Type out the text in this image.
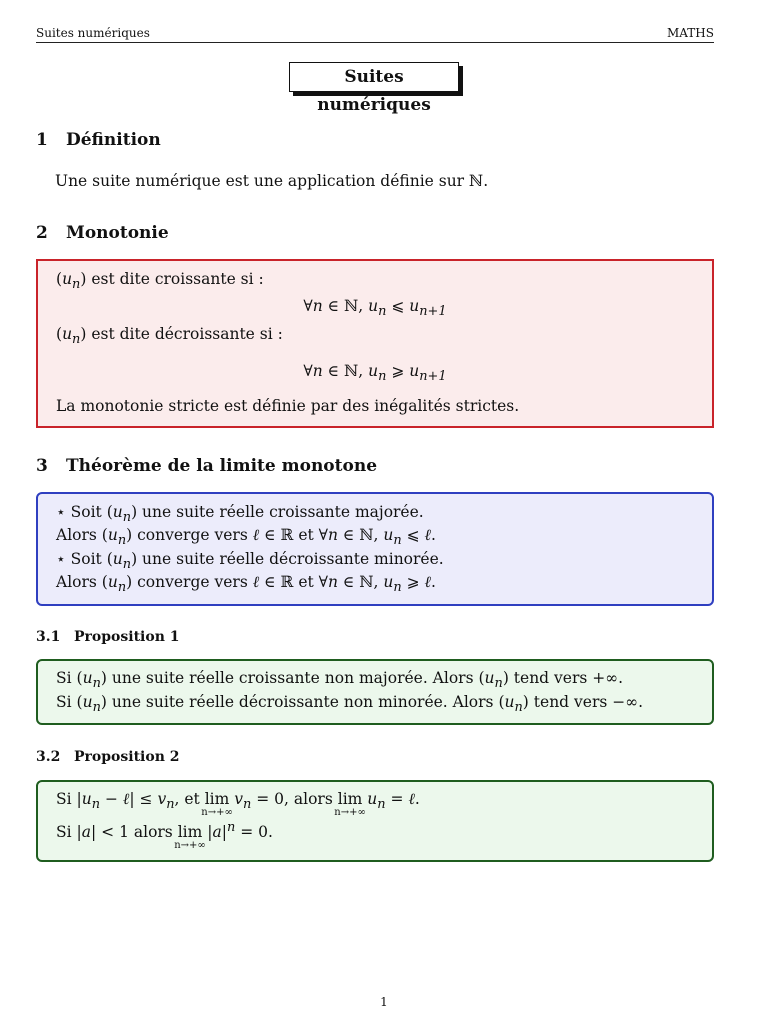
Suites numériques	MATHS
Suites numériques
1 Définition
Une suite numérique est une application définie sur ℕ.
2 Monotonie
$(u_n)$ est dite croissante si :
∀n ∈ ℕ, $u_n$ ⩽ $u_{n+1}$
$(u_n)$ est dite décroissante si :
∀n ∈ ℕ, $u_n$ ⩾ $u_{n+1}$
La monotonie stricte est définie par des inégalités strictes.
3 Théorème de la limite monotone
⋆ Soit $(u_n)$ une suite réelle croissante majorée.
Alors $(u_n)$ converge vers ℓ ∈ ℝ et ∀n ∈ ℕ, $u_n$ ⩽ ℓ.
⋆ Soit $(u_n)$ une suite réelle décroissante minorée.
Alors $(u_n)$ converge vers ℓ ∈ ℝ et ∀n ∈ ℕ, $u_n$ ⩾ ℓ.
3.1 Proposition 1
Si $(u_n)$ une suite réelle croissante non majorée. Alors $(u_n)$ tend vers +∞.
Si $(u_n)$ une suite réelle décroissante non minorée. Alors $(u_n)$ tend vers −∞.
3.2 Proposition 2
Si $|u_n$ − ℓ| ≤ $v_n$, et lim
n→+∞
$v_n = 0$, alors lim
n→+∞
$u_n$ = ℓ.
Si |a| < 1 alors lim
n→+∞
$|a|^n = 0$.
1
